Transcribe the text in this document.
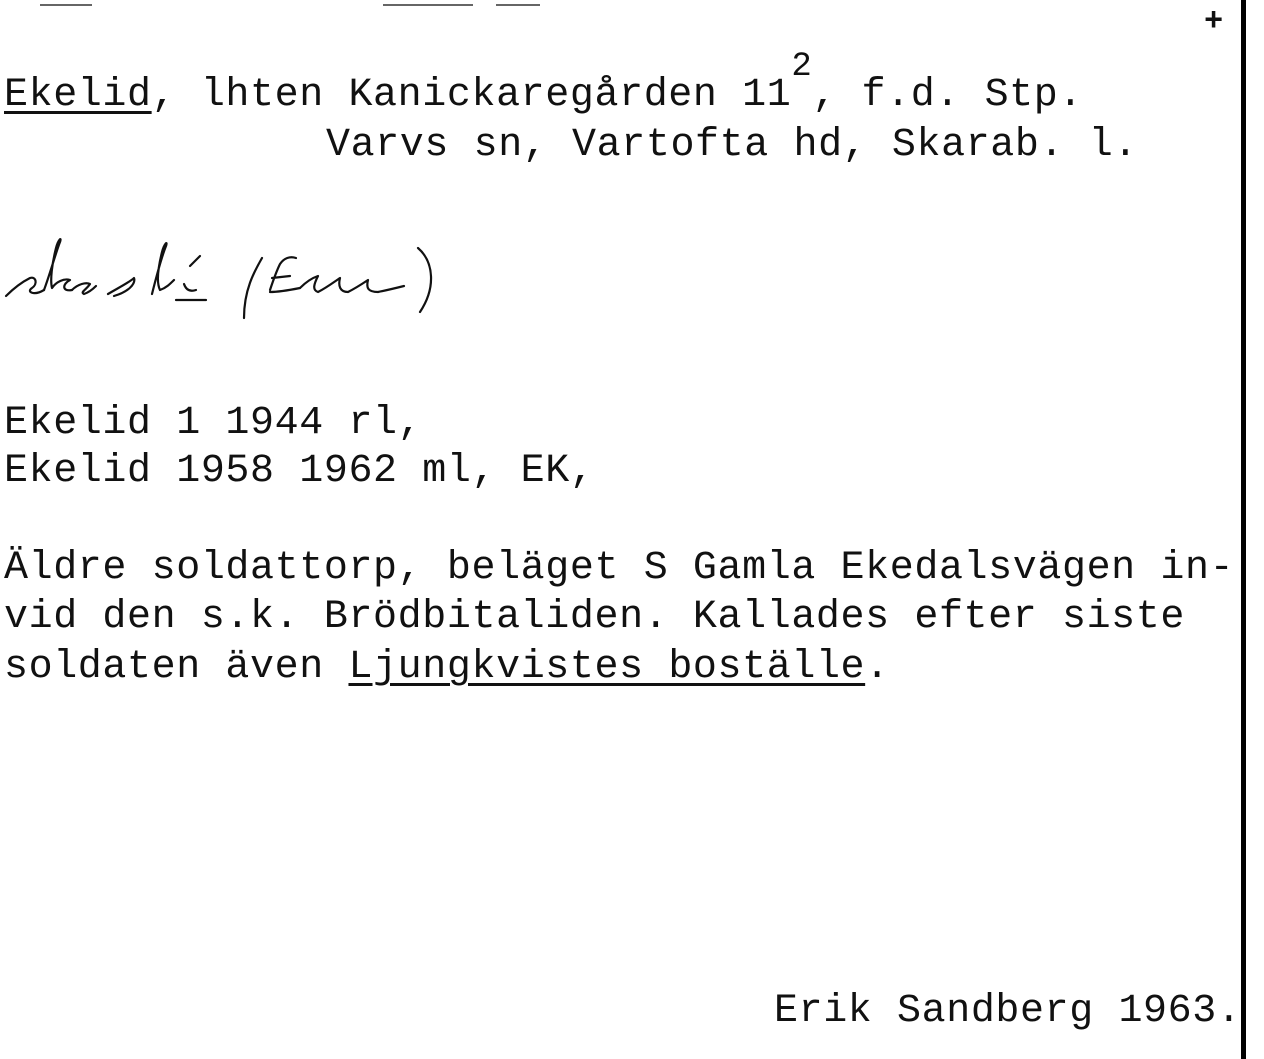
+
Ekelid, lhten Kanickaregården $11^2$, f.d. Stp.
Varvs sn, Vartofta hd, Skarab. l.
Ekelid 1 1944 rl,
Ekelid 1958 1962 ml, EK,
Äldre soldattorp, beläget S Gamla Ekedalsvägen in-
vid den s.k. Brödbitaliden. Kallades efter siste
soldaten även Ljungkvistes boställe.
Erik Sandberg 1963.
